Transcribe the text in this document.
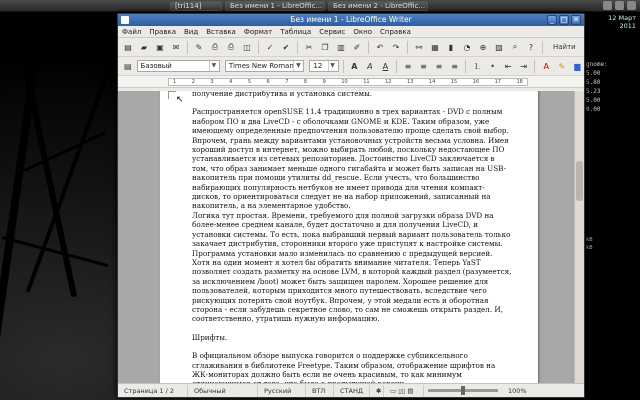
[tri114]	Без имени 1 - LibreOffic...	Без имени 2 - LibreOffic...
12 Март 2011
gnome:
5.00
5.80
5.23
5.00
0.00
kB
kB
Без имени 1 - LibreOffice Writer	_ □ ✕
Файл Правка Вид Вставка Формат Таблица Сервис Окно Справка
▤	▰	▣	✉	✎	⎙	⎙	◫	✓	✔	✂	❐	▥	✐	↶	↷	⚯	▦	▮	◔	⊕	▨	⌕	?	Найти
▤	Базовый	▼	Times New Roman ▼	12	▼	A	A	A	≡	≡	≡	≡	⒈	•	⇤	⇥	A	✎	▆
1	2	3	4	5	6	7	8	9	10	11	12	13	14	15	16	17	18
↖

получение дистрибутива и установка системы.

Распространяется openSUSE 11.4 традиционно в трех вариантах - DVD с полным набором ПО и два LiveCD - с оболочками GNOME и KDE. Таким образом, уже имеющему определенные предпочтения пользователю проще сделать свой выбор.

Впрочем, грань между вариантами установочных устройств весьма условна. Имея хороший доступ в интернет, можно выбирать любой, поскольку недостающее ПО устанавливается из сетевых репозиториев. Достоинство LiveCD заключается в том, что образ занимает меньше одного гигабайта и может быть записан на USB-накопитель при помощи утилиты dd_rescue. Если учесть, что большинство набирающих популярность нетбуков не имеет привода для чтения компакт-дисков, то ориентироваться следует не на набор приложений, записанный на накопитель, а на элементарное удобство.

Логика тут простая. Времени, требуемого для полной загрузки образа DVD на более-менее среднем канале, будет достаточно и для получения LiveCD, и установки системы. То есть, пока выбравший первый вариант пользователь только закачает дистрибутив, сторонники второго уже приступят к настройке системы.

Программа установки мало изменилась по сравнению с предыдущей версией. Хотя на один момент я хотел бы обратить внимание читателя. Теперь YaST позволяет создать разметку на основе LVM, в которой каждый раздел (разумеется, за исключением /boot) может быть защищен паролем. Хорошее решение для пользователей, которым приходится много путешествовать, вследствие чего рискующих потерять свой ноутбук. Впрочем, у этой медали есть и оборотная сторона - если забудешь секретное слово, то сам не сможешь открыть раздел. И, соответственно, утратишь нужную информацию.

Шрифты.

В официальном обзоре выпуска говорится о поддержке субпиксельного сглаживания в библиотеке Freetype. Таким образом, отображение шрифтов на ЖК-мониторах должно быть если не очень красивым, то как минимум

Страница 1 / 2	Обычный	Русский	ВТЛ	СТАНД	✱	▭ ▯▯ ▤	100%
